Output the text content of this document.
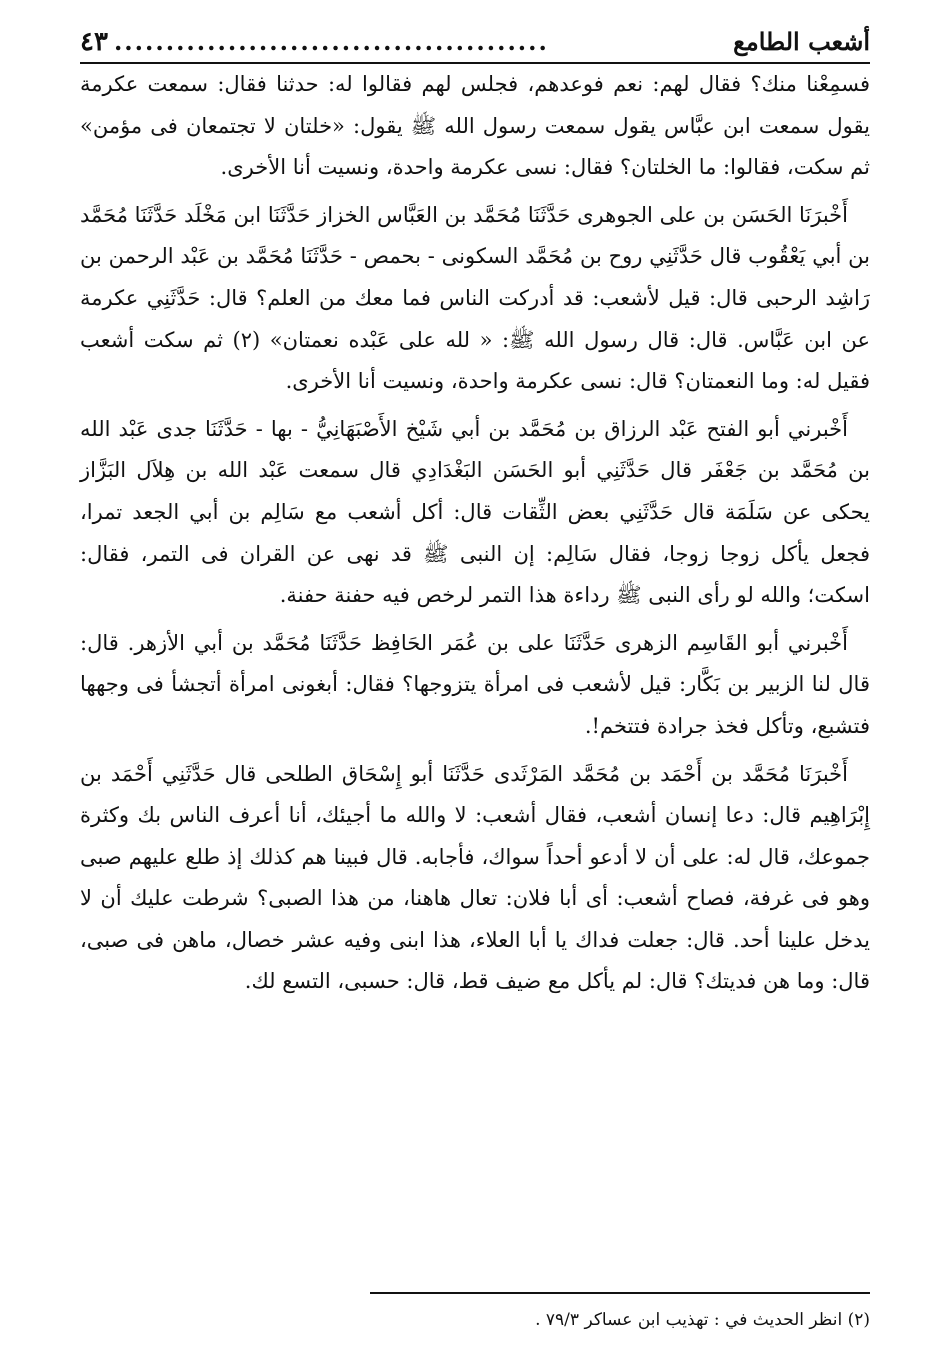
أشعب الطامع
..........................................
٤٣

فسمِعْنا منك؟ فقال لهم: نعم فوعدهم، فجلس لهم فقالوا له: حدثنا فقال: سمعت عكرمة يقول سمعت ابن عبَّاس يقول سمعت رسول الله ﷺ يقول: «خلتان لا تجتمعان فى مؤمن» ثم سكت، فقالوا: ما الخلتان؟ فقال: نسى عكرمة واحدة، ونسيت أنا الأخرى.

أَخْبرَنَا الحَسَن بن على الجوهرى حَدَّثَنَا مُحَمَّد بن العَبَّاس الخزاز حَدَّثَنَا ابن مَخْلَد حَدَّثَنَا مُحَمَّد بن أبي يَعْقُوب قال حَدَّثَنِي روح بن مُحَمَّد السكونى - بحمص - حَدَّثَنَا مُحَمَّد بن عَبْد الرحمن بن رَاشِد الرحبى قال: قيل لأشعب: قد أدركت الناس فما معك من العلم؟ قال: حَدَّثَنِي عكرمة عن ابن عَبَّاس. قال: قال رسول الله ﷺ: « لله على عَبْده نعمتان» (٢) ثم سكت أشعب فقيل له: وما النعمتان؟ قال: نسى عكرمة واحدة، ونسيت أنا الأخرى.

أَخْبرني أبو الفتح عَبْد الرزاق بن مُحَمَّد بن أبي شَيْخ الأَصْبَهَانِيُّ - بها - حَدَّثَنَا جدى عَبْد الله بن مُحَمَّد بن جَعْفَر قال حَدَّثَنِي أبو الحَسَن البَغْدَادِي قال سمعت عَبْد الله بن هِلاَل البَزَّاز يحكى عن سَلَمَة قال حَدَّثَنِي بعض الثِّقات قال: أكل أشعب مع سَالِم بن أبي الجعد تمرا، فجعل يأكل زوجا زوجا، فقال سَالِم: إن النبى ﷺ قد نهى عن القران فى التمر، فقال: اسكت؛ والله لو رأى النبى ﷺ رداءة هذا التمر لرخص فيه حفنة حفنة.

أَخْبرني أبو القَاسِم الزهرى حَدَّثَنَا على بن عُمَر الحَافِظ حَدَّثَنَا مُحَمَّد بن أبي الأزهر. قال: قال لنا الزبير بن بَكَّار: قيل لأشعب فى امرأة يتزوجها؟ فقال: أبغونى امرأة أتجشأ فى وجهها فتشبع، وتأكل فخذ جرادة فتتخم!.

أَخْبرَنَا مُحَمَّد بن أَحْمَد بن مُحَمَّد المَرْثَدى حَدَّثَنَا أبو إِسْحَاق الطلحى قال حَدَّثَنِي أَحْمَد بن إِبْرَاهِيم قال: دعا إنسان أشعب، فقال أشعب: لا والله ما أجيئك، أنا أعرف الناس بك وكثرة جموعك، قال له: على أن لا أدعو أحداً سواك، فأجابه. قال فبينا هم كذلك إذ طلع عليهم صبى وهو فى غرفة، فصاح أشعب: أى أبا فلان: تعال هاهنا، من هذا الصبى؟ شرطت عليك أن لا يدخل علينا أحد. قال: جعلت فداك يا أبا العلاء، هذا ابنى وفيه عشر خصال، ماهن فى صبى، قال: وما هن فديتك؟ قال: لم يأكل مع ضيف قط، قال: حسبى، التسع لك.

(٢) انظر الحديث في : تهذيب ابن عساكر ٧٩/٣ .
